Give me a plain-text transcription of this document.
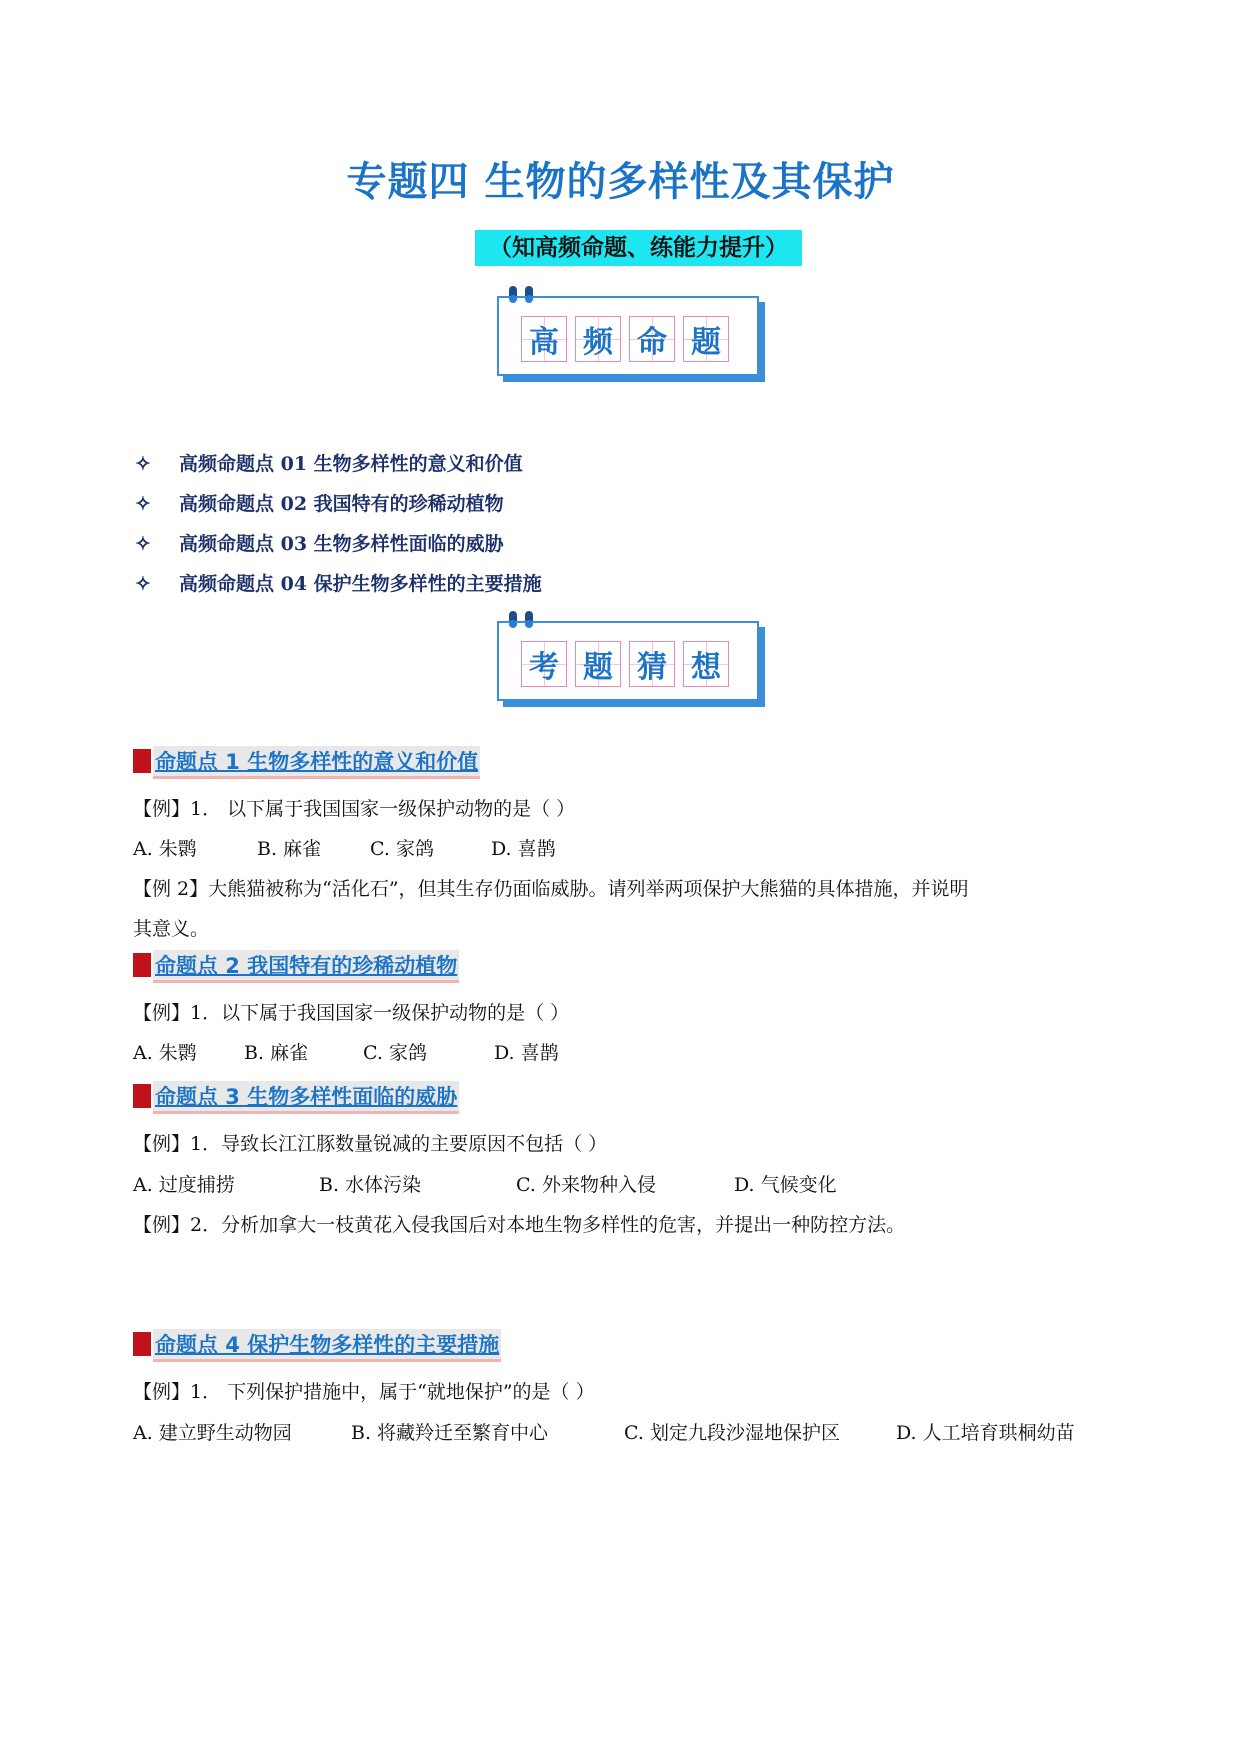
专题四 生物的多样性及其保护
（知高频命题、练能力提升）
高 频 命 题
✧ 高频命题点 01 生物多样性的意义和价值
✧ 高频命题点 02 我国特有的珍稀动植物
✧ 高频命题点 03 生物多样性面临的威胁
✧ 高频命题点 04 保护生物多样性的主要措施
考 题 猜 想
命题点 1 生物多样性的意义和价值
【例】1． 以下属于我国国家一级保护动物的是（ ）
A. 朱鹮	B. 麻雀	C. 家鸽	D. 喜鹊
【例 2】大熊猫被称为“活化石”，但其生存仍面临威胁。请列举两项保护大熊猫的具体措施，并说明
其意义。
命题点 2 我国特有的珍稀动植物
【例】1．以下属于我国国家一级保护动物的是（ ）
A. 朱鹮 B. 麻雀	C. 家鸽	D. 喜鹊
命题点 3 生物多样性面临的威胁
【例】1．导致长江江豚数量锐减的主要原因不包括（ ）
A. 过度捕捞	B. 水体污染	C. 外来物种入侵	D. 气候变化
【例】2．分析加拿大一枝黄花入侵我国后对本地生物多样性的危害，并提出一种防控方法。
命题点 4 保护生物多样性的主要措施
【例】1． 下列保护措施中，属于“就地保护”的是（ ）
A. 建立野生动物园	B. 将藏羚迁至繁育中心	C. 划定九段沙湿地保护区	D. 人工培育珙桐幼苗
